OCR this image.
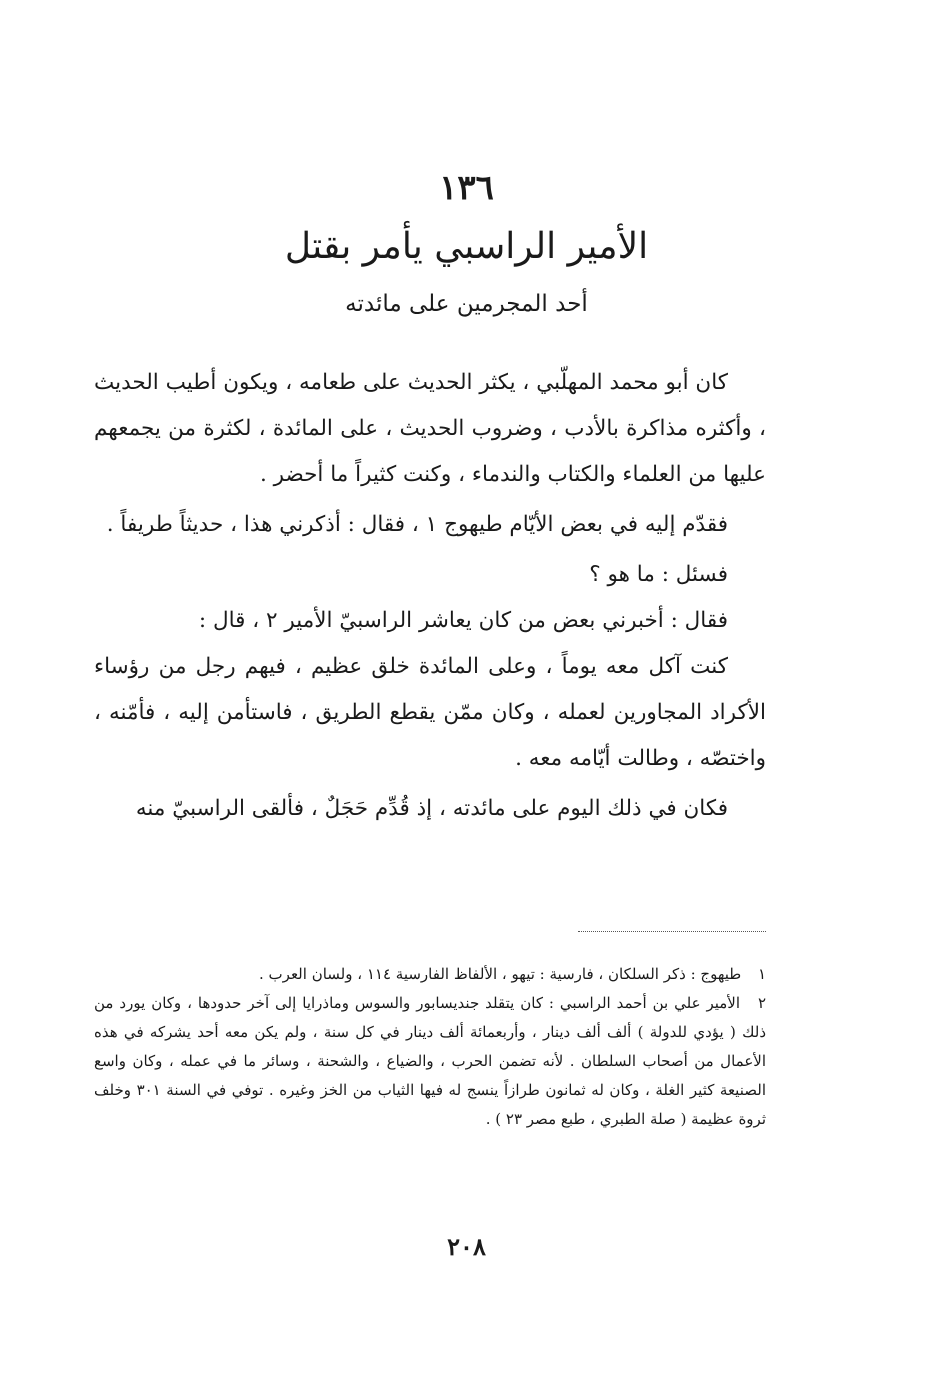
١٣٦
الأمير الراسبي يأمر بقتل
أحد المجرمين على مائدته

كان أبو محمد المهلّبي ، يكثر الحديث على طعامه ، ويكون أطيب الحديث ، وأكثره مذاكرة بالأدب ، وضروب الحديث ، على المائدة ، لكثرة من يجمعهم عليها من العلماء والكتاب والندماء ، وكنت كثيراً ما أحضر .

فقدّم إليه في بعض الأيّام طيهوج ١ ، فقال : أذكرني هذا ، حديثاً طريفاً .

فسئل : ما هو ؟

فقال : أخبرني بعض من كان يعاشر الراسبيّ الأمير ٢ ، قال :

كنت آكل معه يوماً ، وعلى المائدة خلق عظيم ، فيهم رجل من رؤساء الأكراد المجاورين لعمله ، وكان ممّن يقطع الطريق ، فاستأمن إليه ، فأمّنه ، واختصّه ، وطالت أيّامه معه .

فكان في ذلك اليوم على مائدته ، إذ قُدِّم حَجَلٌ ، فألقى الراسبيّ منه

١ طيهوج : ذكر السلكان ، فارسية : تيهو ، الألفاظ الفارسية ١١٤ ، ولسان العرب .

٢ الأمير علي بن أحمد الراسبي : كان يتقلد جنديسابور والسوس وماذرايا إلى آخر حدودها ، وكان يورد من ذلك ( يؤدي للدولة ) ألف ألف دينار ، وأربعمائة ألف دينار في كل سنة ، ولم يكن معه أحد يشركه في هذه الأعمال من أصحاب السلطان . لأنه تضمن الحرب ، والضياع ، والشحنة ، وسائر ما في عمله ، وكان واسع الصنيعة كثير الغلة ، وكان له ثمانون طرازاً ينسج له فيها الثياب من الخز وغيره . توفي في السنة ٣٠١ وخلف ثروة عظيمة ( صلة الطبري ، طبع مصر ٢٣ ) .

٢٠٨
